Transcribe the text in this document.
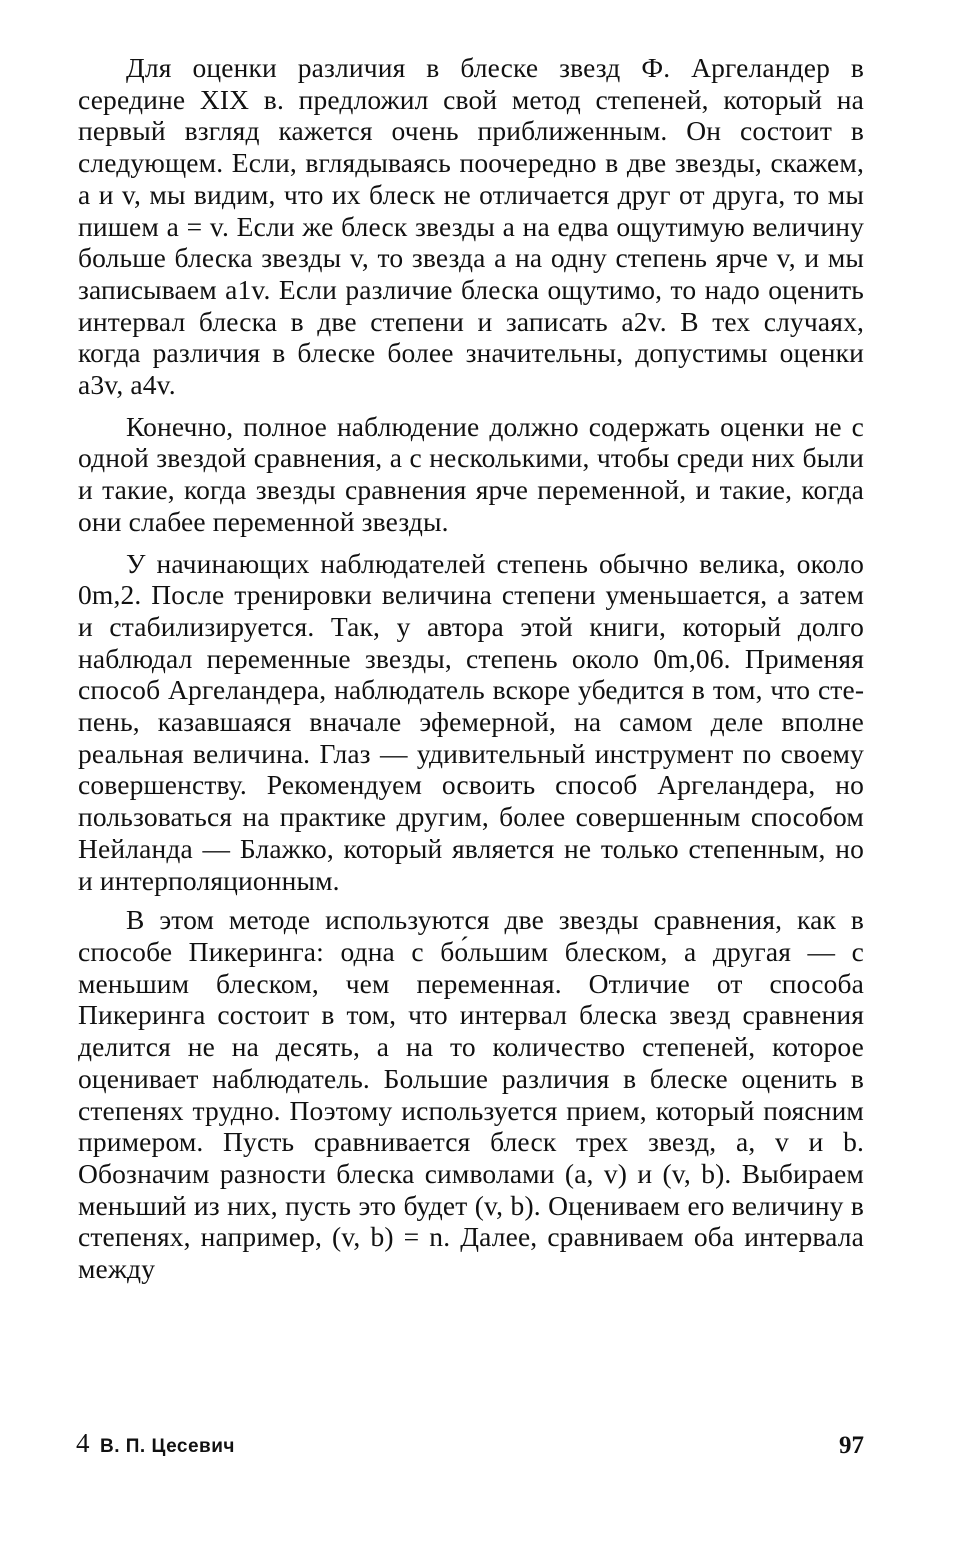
Для оценки различия в блеске звезд Ф. Аргеландер в середине XIX в. предложил свой метод степеней, который на первый взгляд кажется очень приближенным. Он состоит в следующем. Если, вглядываясь поочередно в две звезды, скажем, a и v, мы видим, что их блеск не отличается друг от друга, то мы пишем a = v. Если же блеск звезды a на едва ощутимую величину больше блеска звезды v, то звезда a на одну степень ярче v, и мы записываем a1v. Если различие блеска ощутимо, то надо оценить интервал блеска в две степени и записать a2v. В тех случаях, когда различия в блеске более значительны, допустимы оценки a3v, a4v.

Конечно, полное наблюдение должно содержать оценки не с одной звездой сравнения, а с несколькими, чтобы среди них были и такие, когда звезды сравнения ярче переменной, и такие, когда они слабее переменной звезды.

У начинающих наблюдателей степень обычно велика, около 0m,2. После тренировки величина степени уменьшается, а затем и стабилизируется. Так, у автора этой книги, который долго наблюдал переменные звезды, степень около 0m,06. Применяя способ Аргеландера, наблюдатель вскоре убедится в том, что степень, казавшаяся вначале эфемерной, на самом деле вполне реальная величина. Глаз — удивительный инструмент по своему совершенству. Рекомендуем освоить способ Аргеландера, но пользоваться на практике другим, более совершенным способом Нейланда — Блажко, который является не только степенным, но и интерполяционным.

В этом методе используются две звезды сравнения, как в способе Пикеринга: одна с бо́льшим блеском, а другая — с меньшим блеском, чем переменная. Отличие от способа Пикеринга состоит в том, что интервал блеска звезд сравнения делится не на десять, а на то количество степеней, которое оценивает наблюдатель. Большие различия в блеске оценить в степенях трудно. Поэтому используется прием, который поясним примером. Пусть сравнивается блеск трех звезд, a, v и b. Обозначим разности блеска символами (a, v) и (v, b). Выбираем меньший из них, пусть это будет (v, b). Оцениваем его величину в степенях, например, (v, b) = n. Далее, сравниваем оба интервала между

4 В. П. Цесевич	97
